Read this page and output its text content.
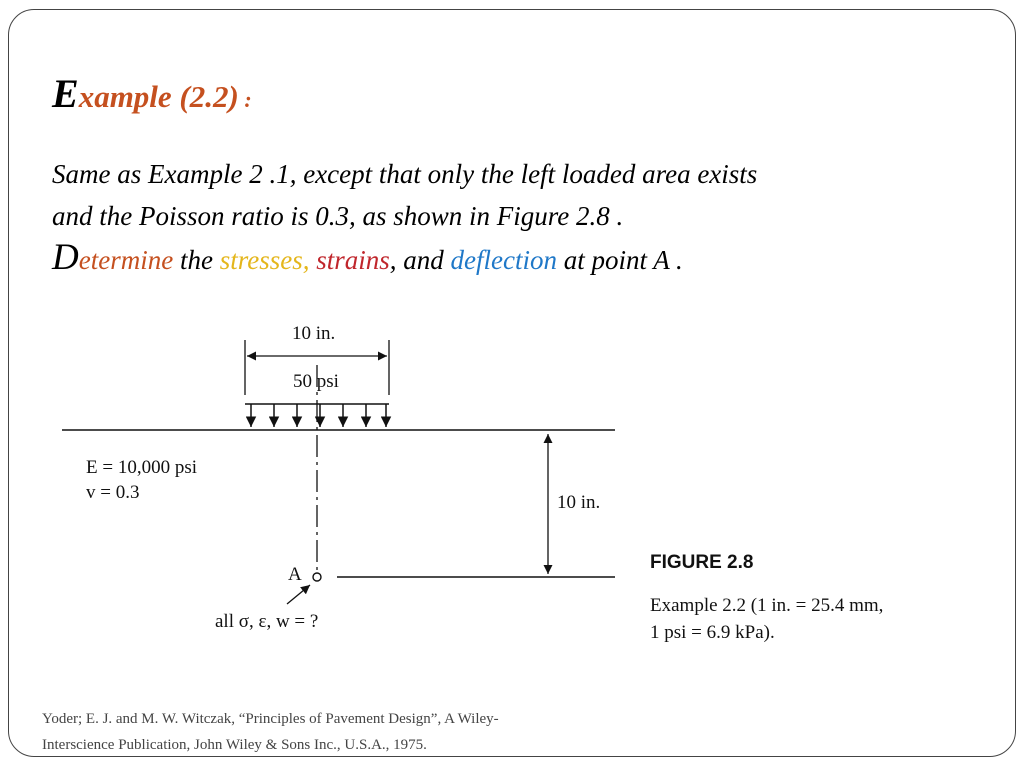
Example (2.2) :
Same as Example 2 .1, except that only the left loaded area exists
and the Poisson ratio is 0.3, as shown in Figure 2.8 .
Determine the stresses, strains, and deflection at point A .
10 in.
50 psi
E = 10,000 psi
v = 0.3	10 in.
A
all σ, ε, w = ?
FIGURE 2.8
Example 2.2 (1 in. = 25.4 mm,
1 psi = 6.9 kPa).
Yoder; E. J. and M. W. Witczak, “Principles of Pavement Design”, A Wiley-
Interscience Publication, John Wiley & Sons Inc., U.S.A., 1975.
